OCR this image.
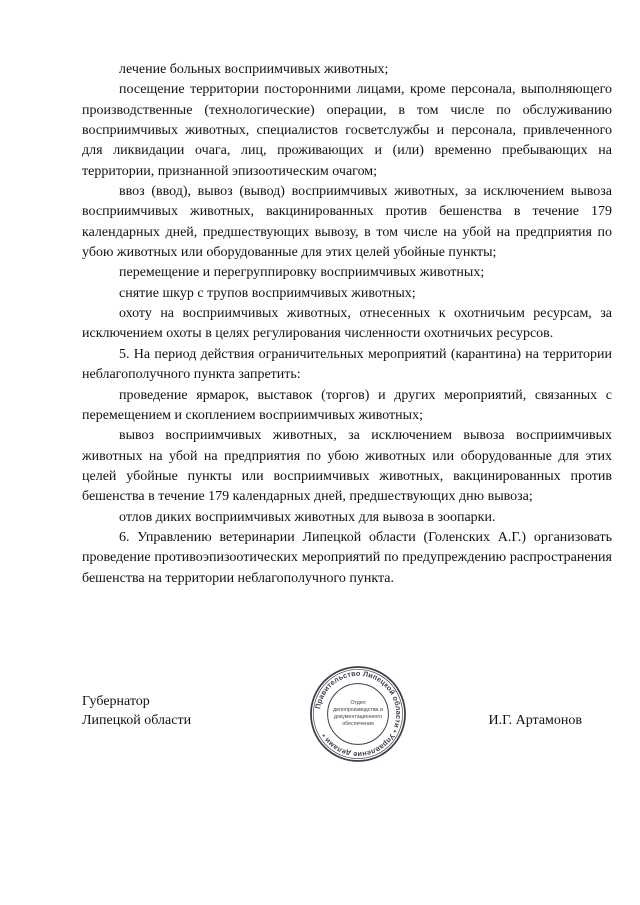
лечение больных восприимчивых животных;

посещение территории посторонними лицами, кроме персонала, выполняющего производственные (технологические) операции, в том числе по обслуживанию восприимчивых животных, специалистов госветслужбы и персонала, привлеченного для ликвидации очага, лиц, проживающих и (или) временно пребывающих на территории, признанной эпизоотическим очагом;

ввоз (ввод), вывоз (вывод) восприимчивых животных, за исключением вывоза восприимчивых животных, вакцинированных против бешенства в течение 179 календарных дней, предшествующих вывозу, в том числе на убой на предприятия по убою животных или оборудованные для этих целей убойные пункты;

перемещение и перегруппировку восприимчивых животных;

снятие шкур с трупов восприимчивых животных;

охоту на восприимчивых животных, отнесенных к охотничьим ресурсам, за исключением охоты в целях регулирования численности охотничьих ресурсов.

5. На период действия ограничительных мероприятий (карантина) на территории неблагополучного пункта запретить:

проведение ярмарок, выставок (торгов) и других мероприятий, связанных с перемещением и скоплением восприимчивых животных;

вывоз восприимчивых животных, за исключением вывоза восприимчивых животных на убой на предприятия по убою животных или оборудованные для этих целей убойные пункты или восприимчивых животных, вакцинированных против бешенства в течение 179 календарных дней, предшествующих дню вывоза;

отлов диких восприимчивых животных для вывоза в зоопарки.

6. Управлению ветеринарии Липецкой области (Голенских А.Г.) организовать проведение противоэпизоотических мероприятий по предупреждению распространения бешенства на территории неблагополучного пункта.

Губернатор
Липецкой области
Правительство Липецкой области • Управление делами •
Отдел
делопроизводства и
документационного
обеспечения	И.Г. Артамонов
